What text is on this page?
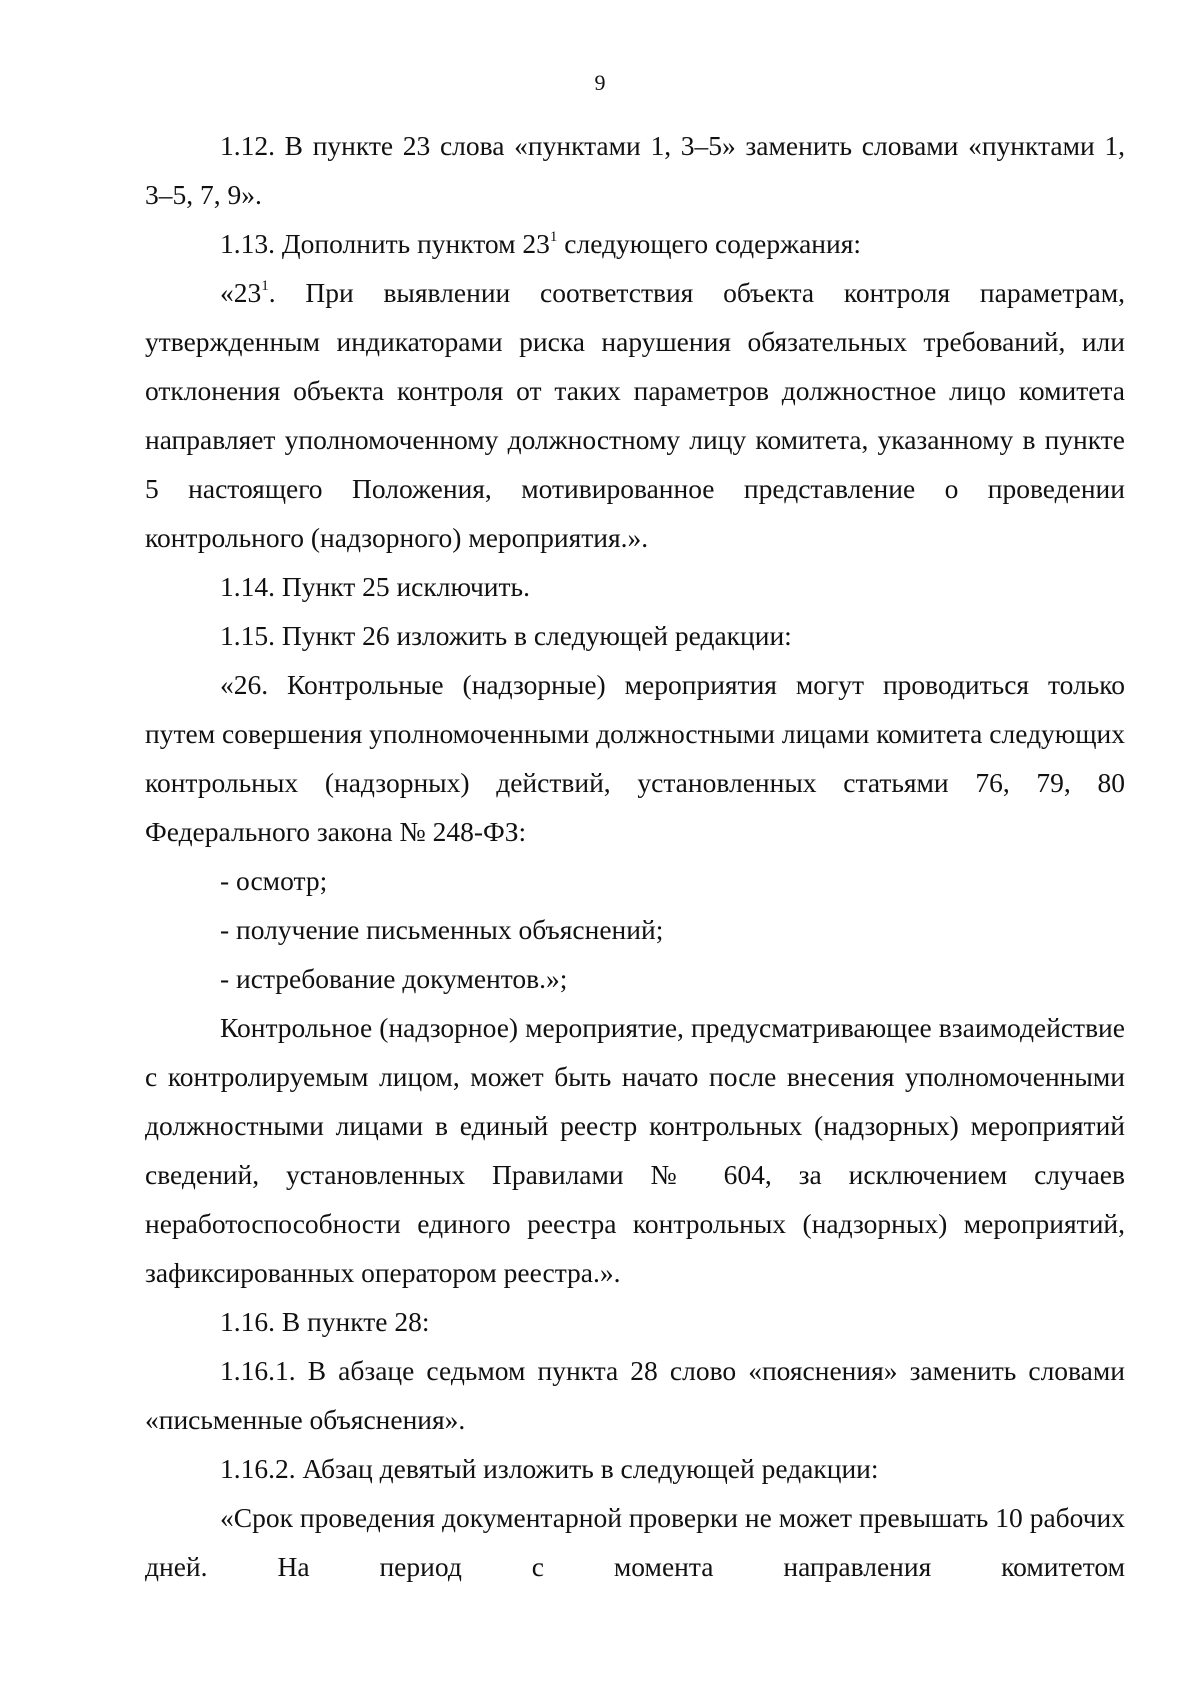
9

1.12. В пункте 23 слова «пунктами 1, 3–5» заменить словами «пунктами 1, 3–5, 7, 9».

1.13. Дополнить пунктом $23^1$ следующего содержания:

«$23^1$. При выявлении соответствия объекта контроля параметрам, утвержденным индикаторами риска нарушения обязательных требований, или отклонения объекта контроля от таких параметров должностное лицо комитета направляет уполномоченному должностному лицу комитета, указанному в пункте 5 настоящего Положения, мотивированное представление о проведении контрольного (надзорного) мероприятия.».

1.14. Пункт 25 исключить.

1.15. Пункт 26 изложить в следующей редакции:

«26. Контрольные (надзорные) мероприятия могут проводиться только путем совершения уполномоченными должностными лицами комитета следующих контрольных (надзорных) действий, установленных статьями 76, 79, 80 Федерального закона № 248-ФЗ:

- осмотр;

- получение письменных объяснений;

- истребование документов.»;

Контрольное (надзорное) мероприятие, предусматривающее взаимодействие с контролируемым лицом, может быть начато после внесения уполномоченными должностными лицами в единый реестр контрольных (надзорных) мероприятий сведений, установленных Правилами № 604, за исключением случаев неработоспособности единого реестра контрольных (надзорных) мероприятий, зафиксированных оператором реестра.».

1.16. В пункте 28:

1.16.1. В абзаце седьмом пункта 28 слово «пояснения» заменить словами «письменные объяснения».

1.16.2. Абзац девятый изложить в следующей редакции:

«Срок проведения документарной проверки не может превышать 10 рабочих дней. На период с момента направления комитетом
